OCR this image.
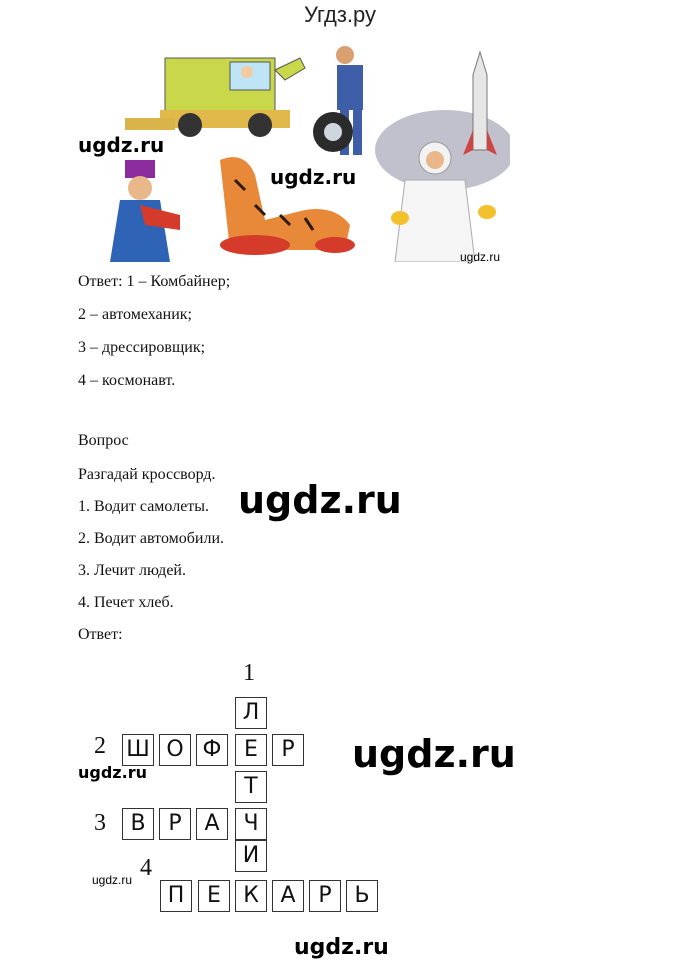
Угдз.ру
ugdz.ru
ugdz.ru
ugdz.ru
Ответ: 1 – Комбайнер;
2 – автомеханик;
3 – дрессировщик;
4 – космонавт.
Вопрос
Разгадай кроссворд.
1. Водит самолеты.
2. Водит автомобили.
3. Лечит людей.
4. Печет хлеб.
Ответ:
ugdz.ru
1
2
3
4
Л
Т
И
Ш О Ф	Е	Р
В	Р	А	Ч
П	Е	К А	Р	Ь
ugdz.ru
ugdz.ru
ugdz.ru
ugdz.ru
